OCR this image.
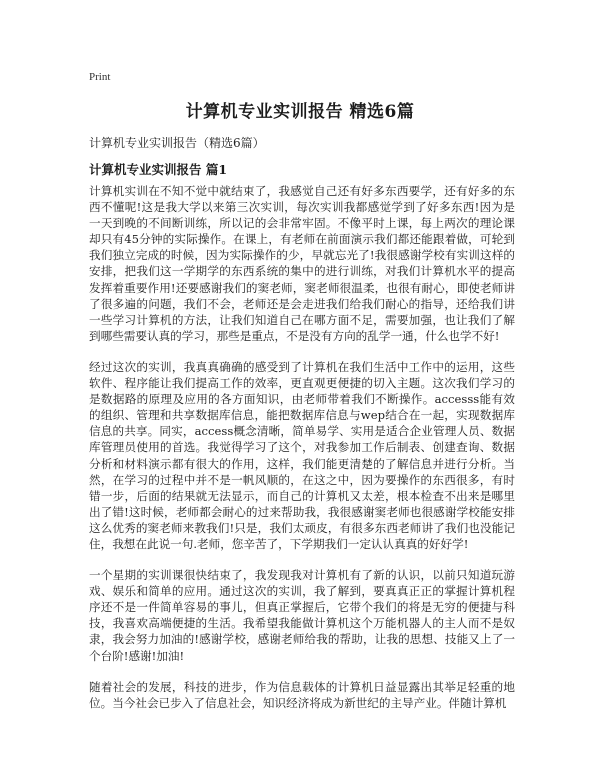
Print
计算机专业实训报告 精选6篇
计算机专业实训报告（精选6篇）
计算机专业实训报告 篇1

计算机实训在不知不觉中就结束了，我感觉自己还有好多东西要学，还有好多的东西不懂呢!这是我大学以来第三次实训，每次实训我都感觉学到了好多东西!因为是一天到晚的不间断训练，所以记的会非常牢固。不像平时上课，每上两次的理论课却只有45分钟的实际操作。在课上，有老师在前面演示我们都还能跟着做，可轮到我们独立完成的时候，因为实际操作的少，早就忘光了!我很感谢学校有实训这样的安排，把我们这一学期学的东西系统的集中的进行训练，对我们计算机水平的提高发挥着重要作用!还要感谢我们的窦老师，窦老师很温柔，也很有耐心，即使老师讲了很多遍的问题，我们不会，老师还是会走进我们给我们耐心的指导，还给我们讲一些学习计算机的方法，让我们知道自己在哪方面不足，需要加强，也让我们了解到哪些需要认真的学习，那些是重点，不是没有方向的乱学一通，什么也学不好!

经过这次的实训，我真真确确的感受到了计算机在我们生活中工作中的运用，这些软件、程序能让我们提高工作的效率，更直观更便捷的切入主题。这次我们学习的是数据路的原理及应用的各方面知识，由老师带着我们不断操作。accesss能有效的组织、管理和共享数据库信息，能把数据库信息与wep结合在一起，实现数据库信息的共享。同实，access概念清晰，简单易学、实用是适合企业管理人员、数据库管理员使用的首选。我觉得学习了这个，对我参加工作后制表、创建查询、数据分析和材料演示都有很大的作用，这样，我们能更清楚的了解信息并进行分析。当然，在学习的过程中并不是一帆风顺的，在这之中，因为要操作的东西很多，有时错一步，后面的结果就无法显示，而自己的计算机又太差，根本检查不出来是哪里出了错!这时候，老师都会耐心的过来帮助我，我很感谢窦老师也很感谢学校能安排这么优秀的窦老师来教我们!只是，我们太顽皮，有很多东西老师讲了我们也没能记住，我想在此说一句.老师，您辛苦了，下学期我们一定认认真真的好好学!

一个星期的实训课很快结束了，我发现我对计算机有了新的认识，以前只知道玩游戏、娱乐和简单的应用。通过这次的实训，我了解到，要真真正正的掌握计算机程序还不是一件简单容易的事儿，但真正掌握后，它带个我们的将是无穷的便捷与科技，我喜欢高端便捷的生活。我希望我能做计算机这个万能机器人的主人而不是奴隶，我会努力加油的!感谢学校，感谢老师给我的帮助，让我的思想、技能又上了一个台阶!感谢!加油!

随着社会的发展，科技的进步，作为信息载体的计算机日益显露出其举足轻重的地位。当今社会已步入了信息社会，知识经济将成为新世纪的主导产业。伴随计算机
